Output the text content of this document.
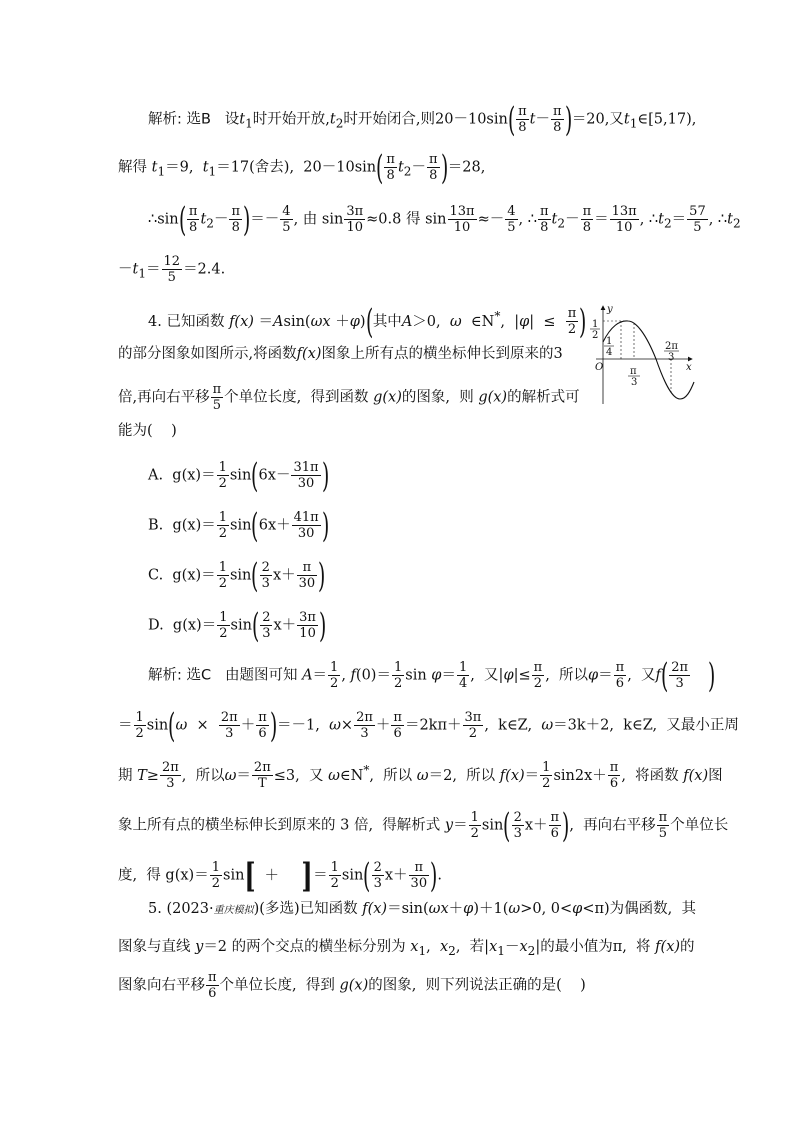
解析: 选B   设$t_1$时开始开放$,t_2$时开始闭合,则$20-10\sin( \frac{\pi}{8} t- \frac{\pi}{8} )=20$,又$t_1\in[5,17)$,
解得 $t_1=9$,  $t_1=17$(舍去),  $20-10\sin( \frac{\pi}{8} t_2- \frac{\pi}{8} )=28$,
∴sin( $\frac{\pi}{8} t_2- \frac{\pi}{8}$ )＝－ $\frac{4}{5}$ , 由 $\sin \frac{3\pi}{10} \approx 0.8$ 得 $\sin \frac{13\pi}{10} \approx- \frac{4}{5}$ , ∴ $\frac{\pi}{8} t_2- \frac{\pi}{8} = \frac{13\pi}{10}$ , $\therefore t_2= \frac{57}{5}$ , $\therefore t_2$
$-t_1= \frac{12}{5} =2.4$.
4. 已知函数 f(x) ＝Asin(ωx ＋φ)(其中A＞0,  ω  ∈N*,  $|\varphi| \le \frac{\pi}{2}$ )
的部分图象如图所示,将函数f(x)图象上所有点的横坐标伸长到原来的3
倍,再向右平移 $\frac{\pi}{5}$ 个单位长度,  得到函数 g(x)的图象,  则 g(x)的解析式可
能为(    )
A.  $g(x)= \frac{1}{2} \sin(6x- \frac{31\pi}{30}$ )
B.  $g(x)= \frac{1}{2} \sin(6x+ \frac{41\pi}{30}$ )
C.  $g(x)= \frac{1}{2} \sin( \frac{2}{3} x+ \frac{\pi}{30}$ )
D.  $g(x)= \frac{1}{2} \sin( \frac{2}{3} x+ \frac{3\pi}{10}$ )
y
x
O
1
2
1
4
π
3
2π
3
解析: 选C   由题图可知 $A= \frac{1}{2}$ , $f(0)= \frac{1}{2}$ $\sin \varphi= \frac{1}{4}$ ,  又$|\varphi|\le \frac{\pi}{2}$ ,  所以$\varphi= \frac{\pi}{6}$ ,  又$f( \frac{2\pi}{3}$ )
＝ $\frac{1}{2} \sin(\omega \times \frac{2\pi}{3} + \frac{\pi}{6} )=-1$,  $\omega\times \frac{2\pi}{3} + \frac{\pi}{6} =2k\pi+ \frac{3\pi}{2}$ ,  k∈Z,  ω＝3k＋2,  k∈Z,  又最小正周
期 $T\ge \frac{2\pi}{3}$ ,  所以$\omega= \frac{2\pi}{T} \le 3$,  又 ω∈N*,  所以 ω＝2,  所以 $f(x)= \frac{1}{2} \sin 2x+ \frac{\pi}{6}$ ,  将函数 f(x)图
象上所有点的横坐标伸长到原来的 3 倍,  得解析式 $y= \frac{1}{2} \sin( \frac{2}{3} x+ \frac{\pi}{6}$ ),  再向右平移 $\frac{\pi}{5}$ 个单位长
度,  得 $g(x)= \frac{1}{2} \sin$[ ＋ ]＝ $\frac{1}{2} \sin( \frac{2}{3} x+ \frac{\pi}{30}$ ).
5. (2023·重庆模拟)(多选)已知函数 f(x)＝sin(ωx＋φ)＋1(ω>0, 0<φ<π)为偶函数,  其
图象与直线 y＝2 的两个交点的横坐标分别为 $x_1$,  $x_2$,  若$|x_1-x_2|$的最小值为π,  将 f(x)的
图象向右平移 $\frac{\pi}{6}$ 个单位长度,  得到 g(x)的图象,  则下列说法正确的是(    )
